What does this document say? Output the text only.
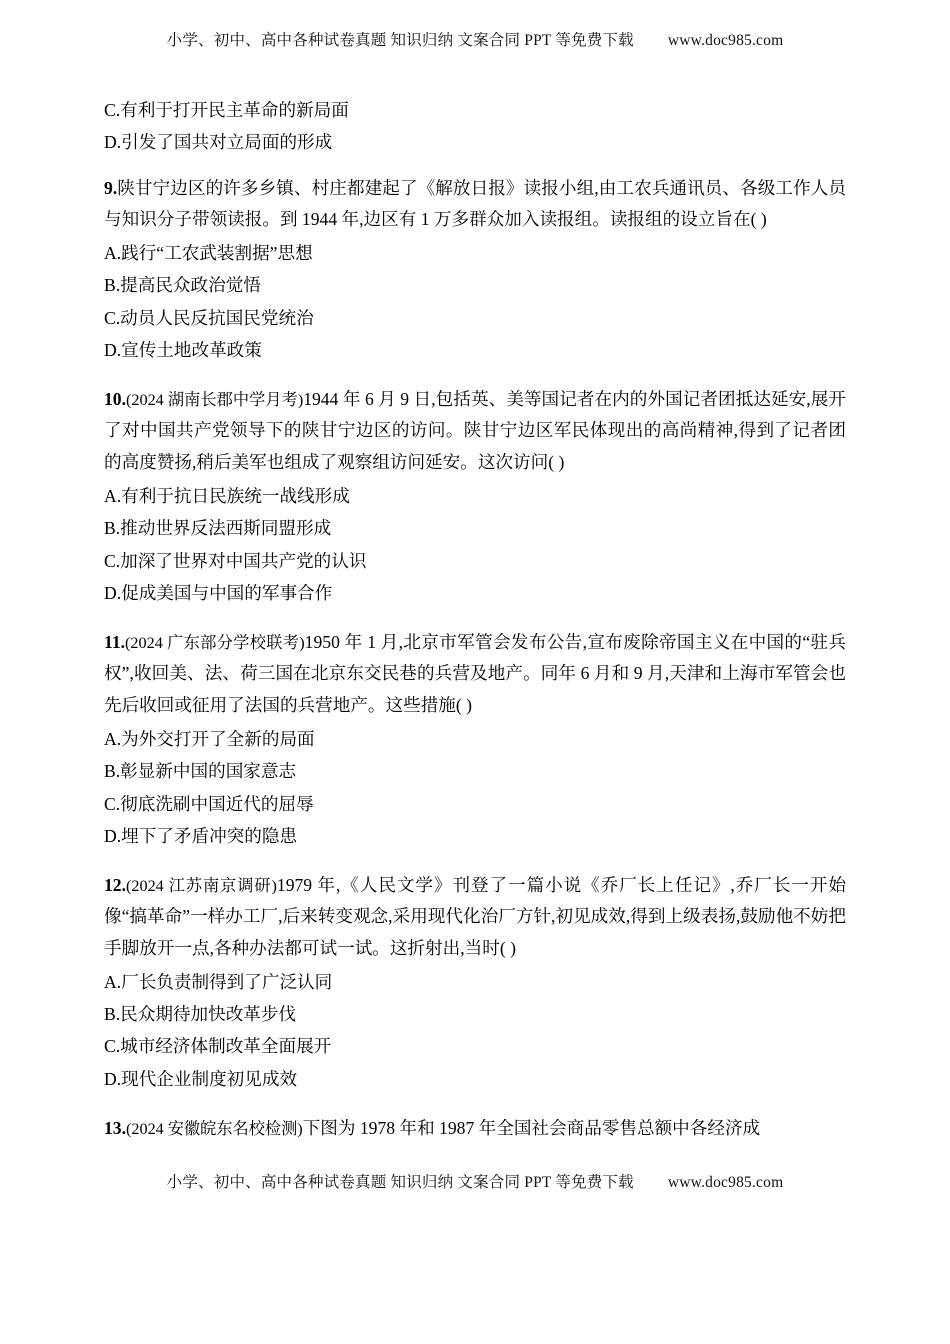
小学、初中、高中各种试卷真题 知识归纳 文案合同 PPT 等免费下载 www.doc985.com

C.有利于打开民主革命的新局面

D.引发了国共对立局面的形成

9.陕甘宁边区的许多乡镇、村庄都建起了《解放日报》读报小组,由工农兵通讯员、各级工作人员与知识分子带领读报。到 1944 年,边区有 1 万多群众加入读报组。读报组的设立旨在( )

A.践行“工农武装割据”思想

B.提高民众政治觉悟

C.动员人民反抗国民党统治

D.宣传土地改革政策

10.(2024 湖南长郡中学月考)1944 年 6 月 9 日,包括英、美等国记者在内的外国记者团抵达延安,展开了对中国共产党领导下的陕甘宁边区的访问。陕甘宁边区军民体现出的高尚精神,得到了记者团的高度赞扬,稍后美军也组成了观察组访问延安。这次访问( )

A.有利于抗日民族统一战线形成

B.推动世界反法西斯同盟形成

C.加深了世界对中国共产党的认识

D.促成美国与中国的军事合作

11.(2024 广东部分学校联考)1950 年 1 月,北京市军管会发布公告,宣布废除帝国主义在中国的“驻兵权”,收回美、法、荷三国在北京东交民巷的兵营及地产。同年 6 月和 9 月,天津和上海市军管会也先后收回或征用了法国的兵营地产。这些措施( )

A.为外交打开了全新的局面

B.彰显新中国的国家意志

C.彻底洗刷中国近代的屈辱

D.埋下了矛盾冲突的隐患

12.(2024 江苏南京调研)1979 年,《人民文学》刊登了一篇小说《乔厂长上任记》,乔厂长一开始像“搞革命”一样办工厂,后来转变观念,采用现代化治厂方针,初见成效,得到上级表扬,鼓励他不妨把手脚放开一点,各种办法都可试一试。这折射出,当时( )

A.厂长负责制得到了广泛认同

B.民众期待加快改革步伐

C.城市经济体制改革全面展开

D.现代企业制度初见成效

13.(2024 安徽皖东名校检测)下图为 1978 年和 1987 年全国社会商品零售总额中各经济成

小学、初中、高中各种试卷真题 知识归纳 文案合同 PPT 等免费下载 www.doc985.com
